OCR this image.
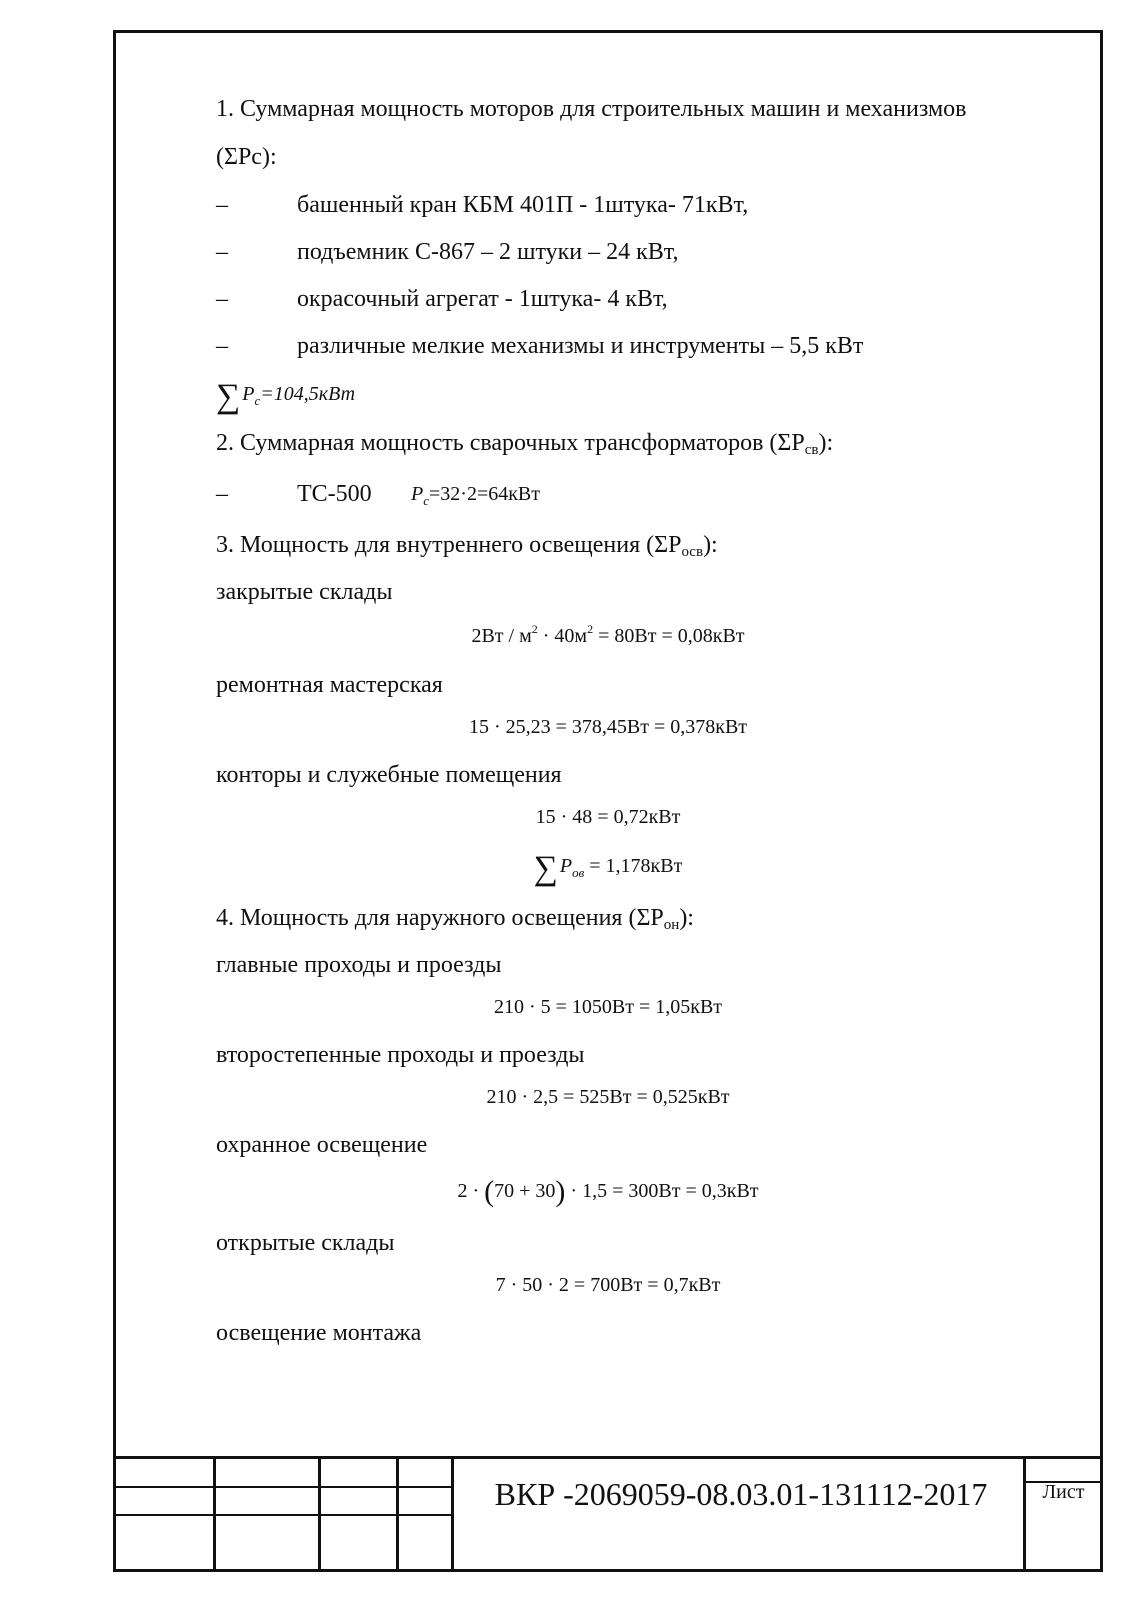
1. Суммарная мощность моторов для строительных машин и механизмов
(ΣPc):
–	башенный кран КБМ 401П - 1штука- 71кВт,
–	подъемник С-867 – 2 штуки – 24 кВт,
–	окрасочный агрегат - 1штука- 4 кВт,
–	различные мелкие механизмы и инструменты – 5,5 кВт
∑ $P_c=104,5кВт$
2. Суммарная мощность сварочных трансформаторов (ΣPсв):
–	ТС-500 $P_c=32\cdot 2=64кВт$
3. Мощность для внутреннего освещения (ΣPосв):
закрытые склады
$2Вт / м^2 \cdot 40м^2 = 80Вт = 0,08кВт$
ремонтная мастерская
15 · 25,23 = 378,45Вт = 0,378кВт
конторы и служебные помещения
15 · 48 = 0,72кВт
∑ $P_{ов} = 1,178кВт$
4. Мощность для наружного освещения (ΣPон):
главные проходы и проезды
210 · 5 = 1050Вт = 1,05кВт
второстепенные проходы и проезды
210 · 2,5 = 525Вт = 0,525кВт
охранное освещение
2 · (70 + 30) · 1,5 = 300Вт = 0,3кВт
открытые склады
7 · 50 · 2 = 700Вт = 0,7кВт
освещение монтажа
ВКР -2069059-08.03.01-131112-2017	Лист
